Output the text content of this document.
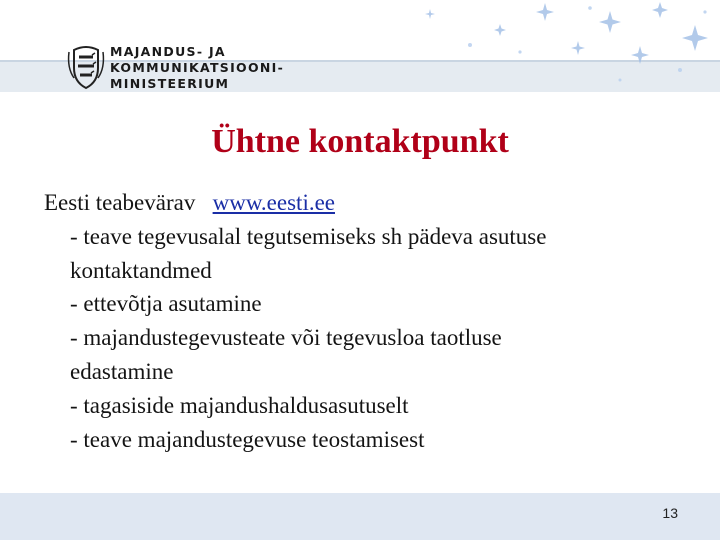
MAJANDUS- JA
KOMMUNIKATSIOONI-
MINISTEERIUM
Ühtne kontaktpunkt
Eesti teabevärav www.eesti.ee
- teave tegevusalal tegutsemiseks sh pädeva asutuse
kontaktandmed
- ettevõtja asutamine
- majandustegevusteate või tegevusloa taotluse
edastamine
- tagasiside majandushaldusasutuselt
- teave majandustegevuse teostamisest
13
